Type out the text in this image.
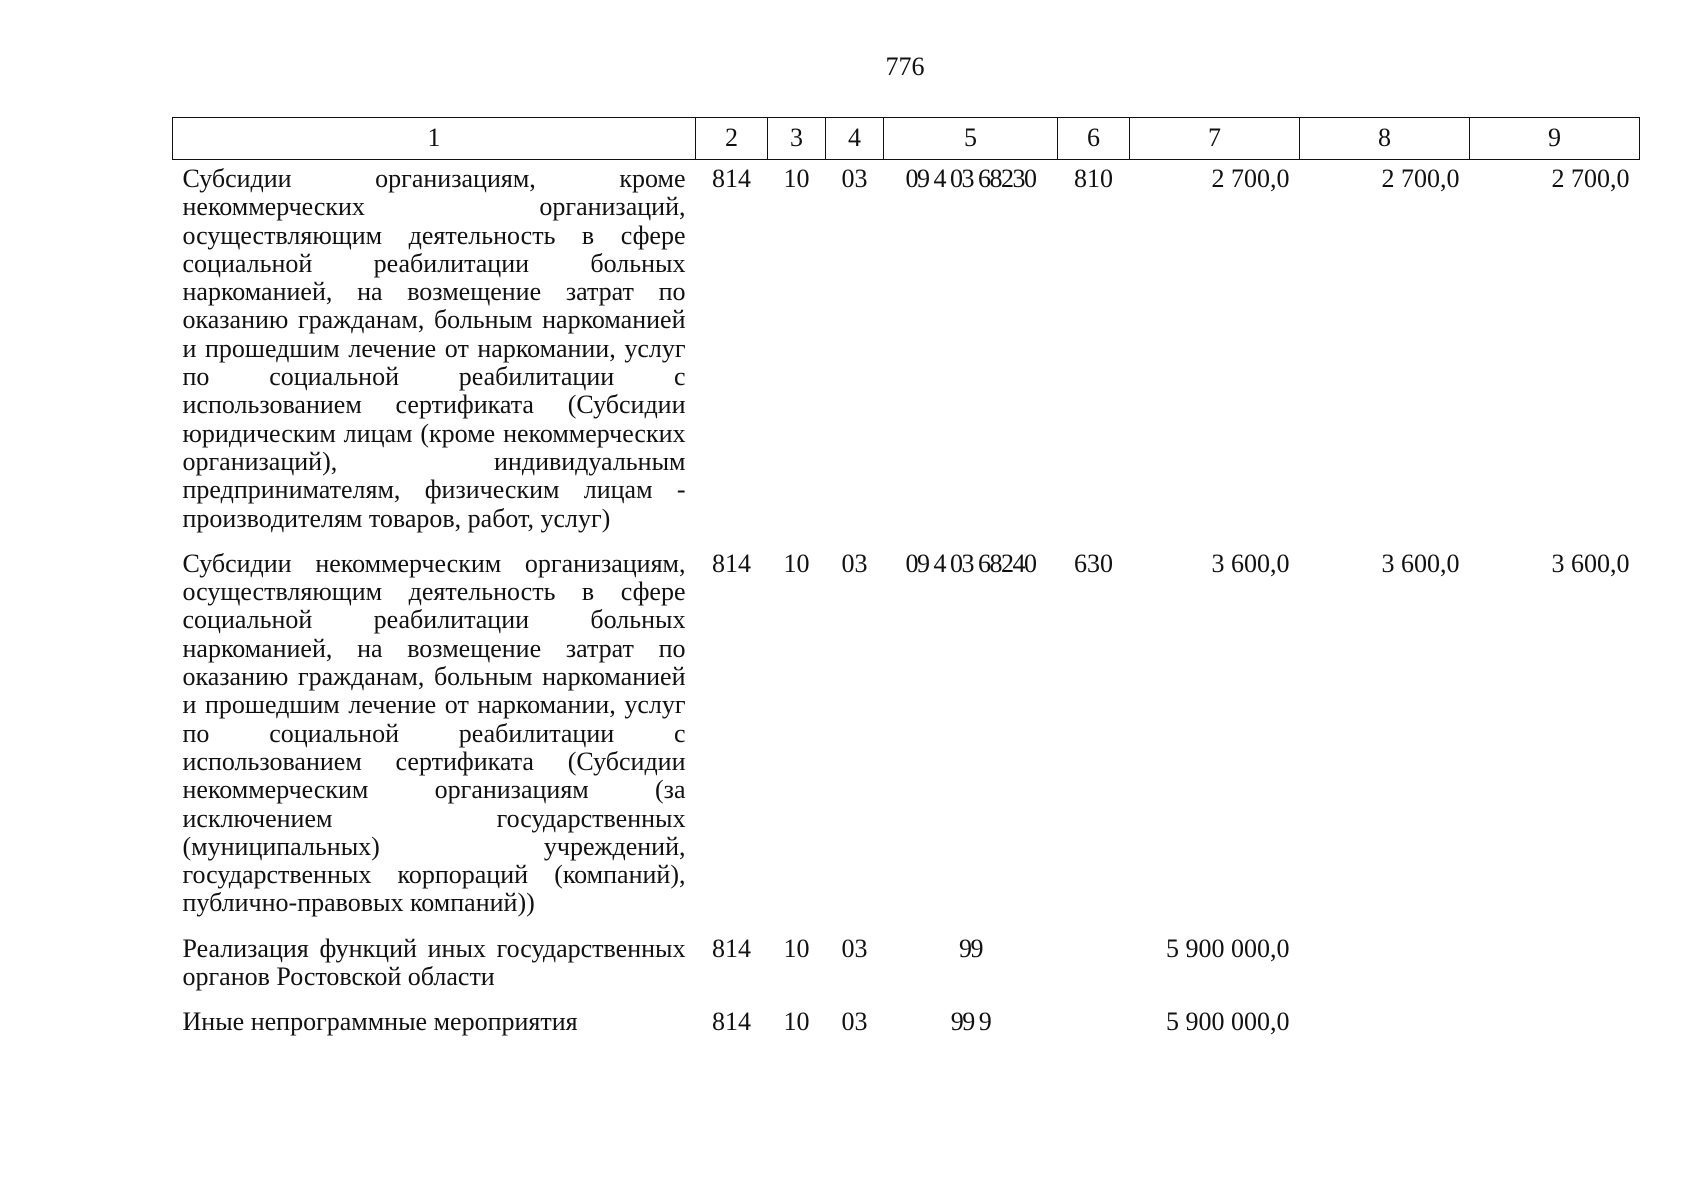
776
1	2	3	4	5	6	7	8	9
Субсидии организациям, кроме некоммерческих организаций, осуществляющим деятельность в сфере социальной реабилитации больных наркоманией, на возмещение затрат по оказанию гражданам, больным наркоманией и прошедшим лечение от наркомании, услуг по социальной реабилитации с использованием сертификата (Субсидии юридическим лицам (кроме некоммерческих организаций), индивидуальным предпринимателям, физическим лицам - производителям товаров, работ, услуг)	814	10	03	09 4 03 68230	810	2 700,0	2 700,0	2 700,0
Субсидии некоммерческим организациям, осуществляющим деятельность в сфере социальной реабилитации больных наркоманией, на возмещение затрат по оказанию гражданам, больным наркоманией и прошедшим лечение от наркомании, услуг по социальной реабилитации с использованием сертификата (Субсидии некоммерческим организациям (за исключением государственных (муниципальных) учреждений, государственных корпораций (компаний), публично-правовых компаний))	814	10	03	09 4 03 68240	630	3 600,0	3 600,0	3 600,0
Реализация функций иных государственных органов Ростовской области	814	10	03	99		5 900 000,0		
Иные непрограммные мероприятия	814	10	03	99 9		5 900 000,0		
